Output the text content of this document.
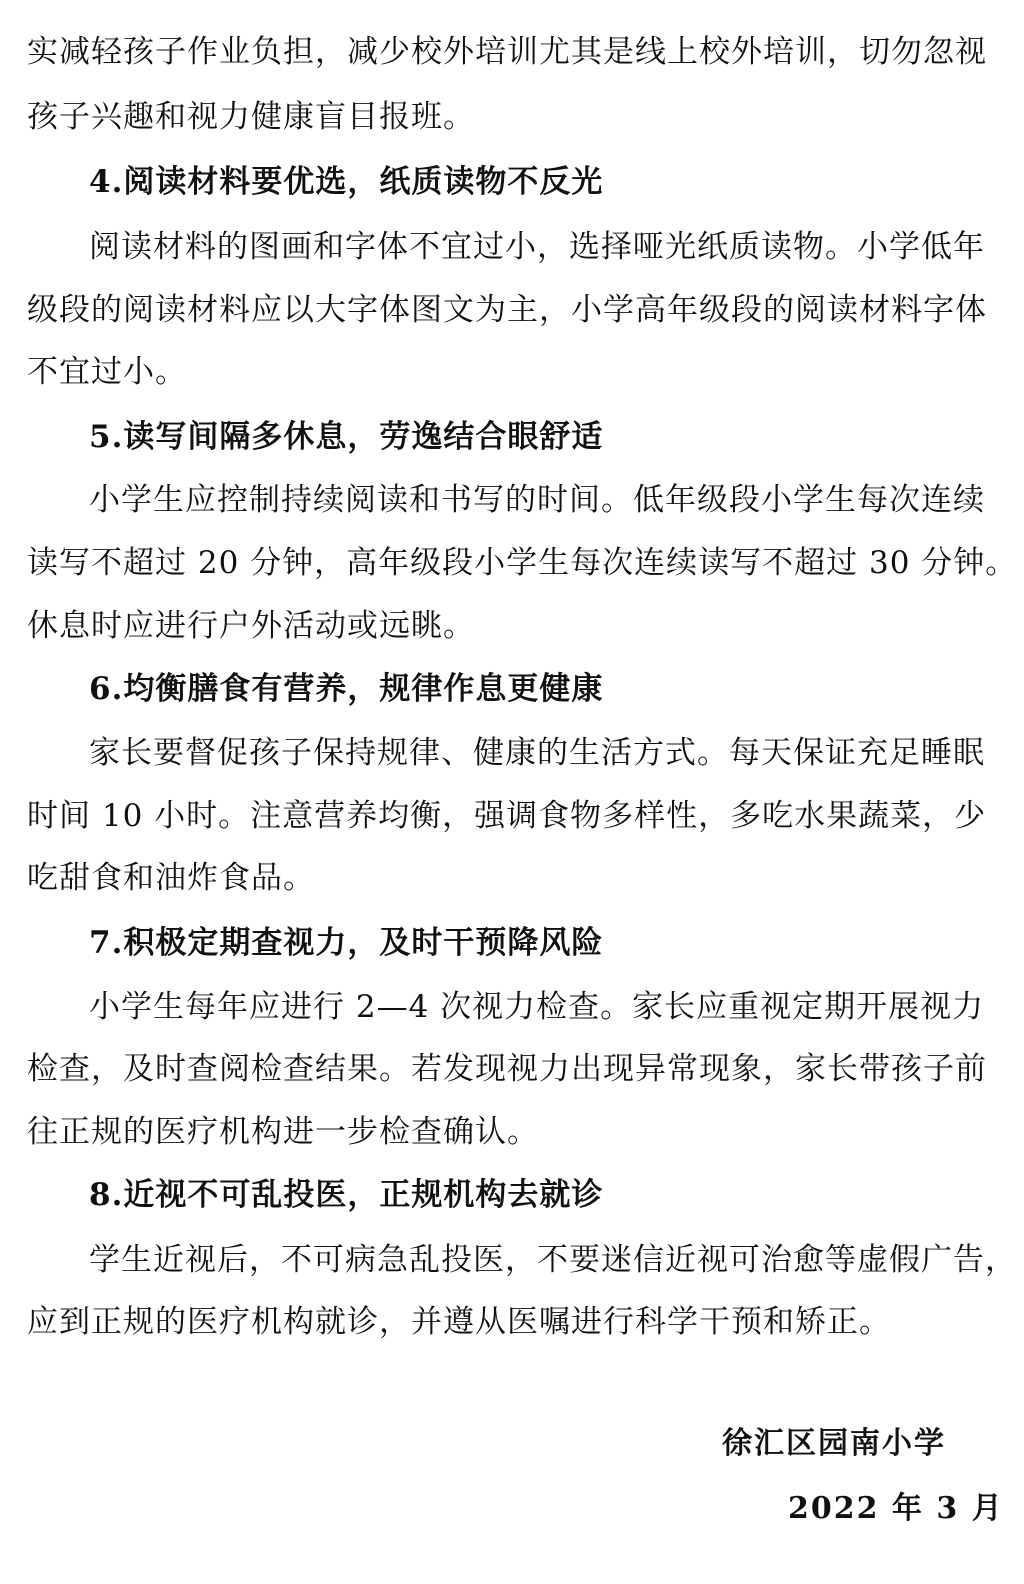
实减轻孩子作业负担，减少校外培训尤其是线上校外培训，切勿忽视
孩子兴趣和视力健康盲目报班。
4.阅读材料要优选，纸质读物不反光
阅读材料的图画和字体不宜过小，选择哑光纸质读物。小学低年
级段的阅读材料应以大字体图文为主，小学高年级段的阅读材料字体
不宜过小。
5.读写间隔多休息，劳逸结合眼舒适
小学生应控制持续阅读和书写的时间。低年级段小学生每次连续
读写不超过 20 分钟，高年级段小学生每次连续读写不超过 30 分钟。
休息时应进行户外活动或远眺。
6.均衡膳食有营养，规律作息更健康
家长要督促孩子保持规律、健康的生活方式。每天保证充足睡眠
时间 10 小时。注意营养均衡，强调食物多样性，多吃水果蔬菜，少
吃甜食和油炸食品。
7.积极定期查视力，及时干预降风险
小学生每年应进行 2—4 次视力检查。家长应重视定期开展视力
检查，及时查阅检查结果。若发现视力出现异常现象，家长带孩子前
往正规的医疗机构进一步检查确认。
8.近视不可乱投医，正规机构去就诊
学生近视后，不可病急乱投医，不要迷信近视可治愈等虚假广告，
应到正规的医疗机构就诊，并遵从医嘱进行科学干预和矫正。
徐汇区园南小学
2022 年 3 月
